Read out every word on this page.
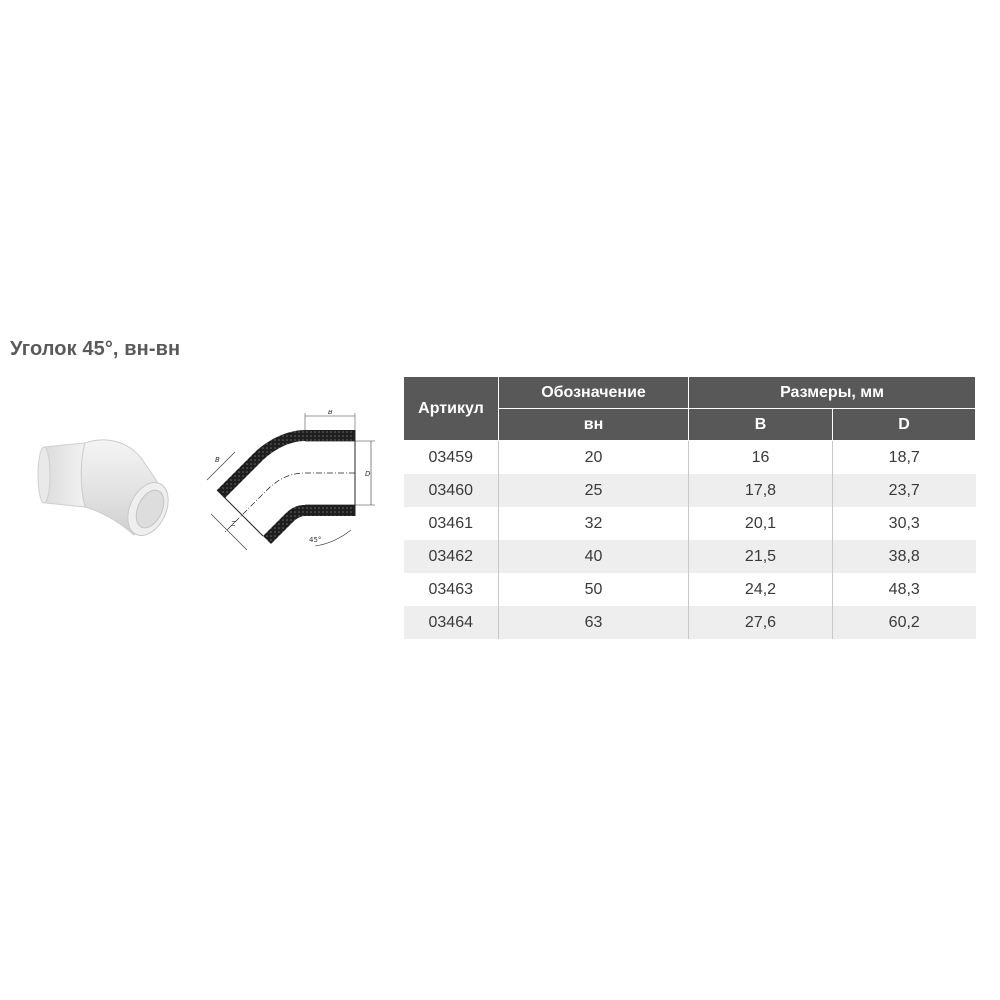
Уголок 45°, вн-вн
B
D
B
Z
45°
Артикул	Обозначение	Размеры, мм	
	вн	B	D
03459	20	16	18,7
03460	25	17,8	23,7
03461	32	20,1	30,3
03462	40	21,5	38,8
03463	50	24,2	48,3
03464	63	27,6	60,2
